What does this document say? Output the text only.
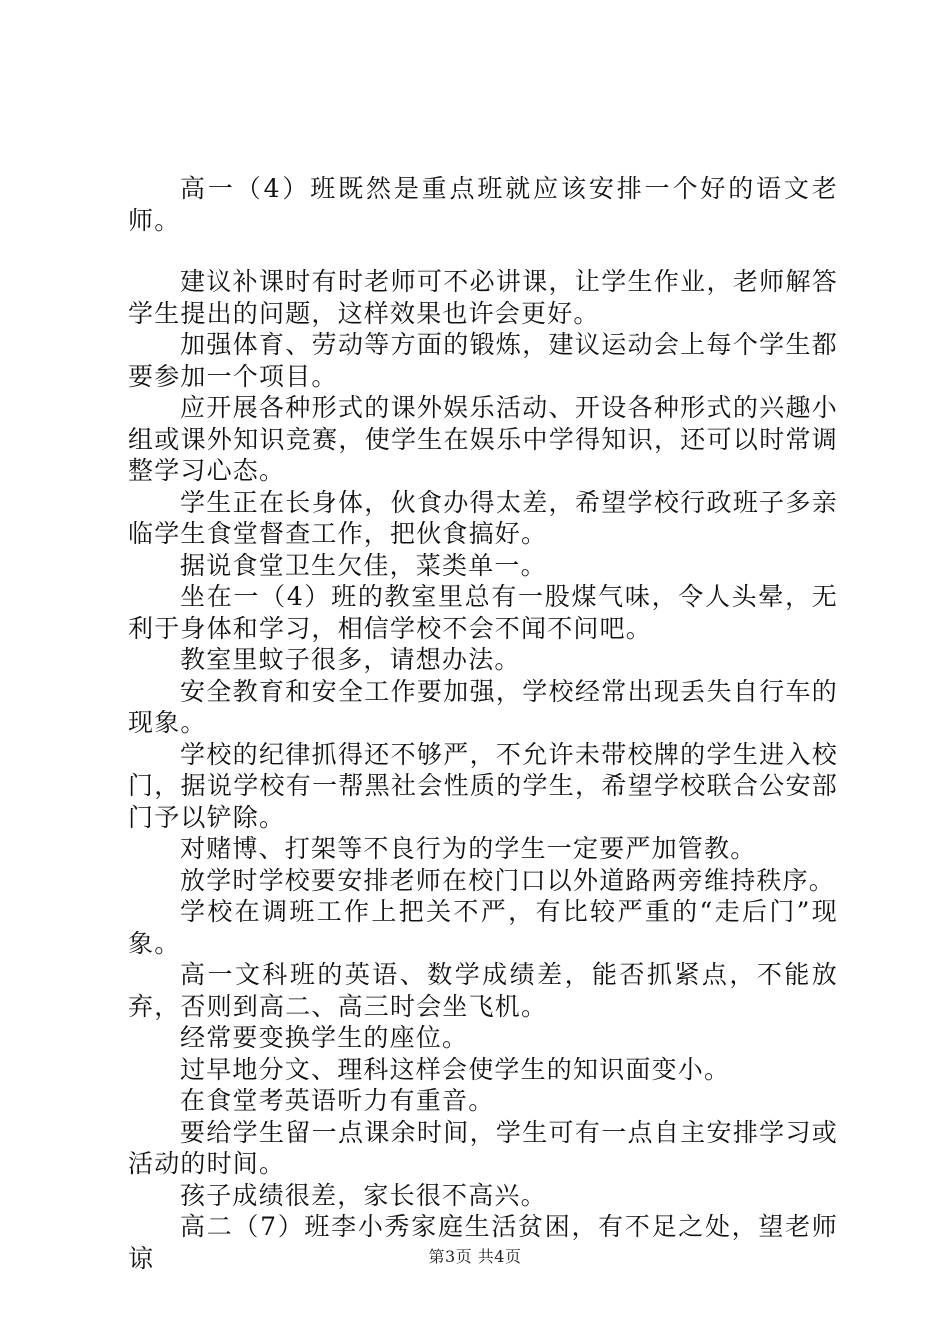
高一（4）班既然是重点班就应该安排一个好的语文老师。

建议补课时有时老师可不必讲课，让学生作业，老师解答学生提出的问题，这样效果也许会更好。

加强体育、劳动等方面的锻炼，建议运动会上每个学生都要参加一个项目。

应开展各种形式的课外娱乐活动、开设各种形式的兴趣小组或课外知识竞赛，使学生在娱乐中学得知识，还可以时常调整学习心态。

学生正在长身体，伙食办得太差，希望学校行政班子多亲临学生食堂督查工作，把伙食搞好。

据说食堂卫生欠佳，菜类单一。

坐在一（4）班的教室里总有一股煤气味，令人头晕，无利于身体和学习，相信学校不会不闻不问吧。

教室里蚊子很多，请想办法。

安全教育和安全工作要加强，学校经常出现丢失自行车的现象。

学校的纪律抓得还不够严，不允许未带校牌的学生进入校门，据说学校有一帮黑社会性质的学生，希望学校联合公安部门予以铲除。

对赌博、打架等不良行为的学生一定要严加管教。

放学时学校要安排老师在校门口以外道路两旁维持秩序。

学校在调班工作上把关不严，有比较严重的“走后门”现象。

高一文科班的英语、数学成绩差，能否抓紧点，不能放弃，否则到高二、高三时会坐飞机。

经常要变换学生的座位。

过早地分文、理科这样会使学生的知识面变小。

在食堂考英语听力有重音。

要给学生留一点课余时间，学生可有一点自主安排学习或活动的时间。

孩子成绩很差，家长很不高兴。

高二（7）班李小秀家庭生活贫困，有不足之处，望老师谅	第3页 共4页
